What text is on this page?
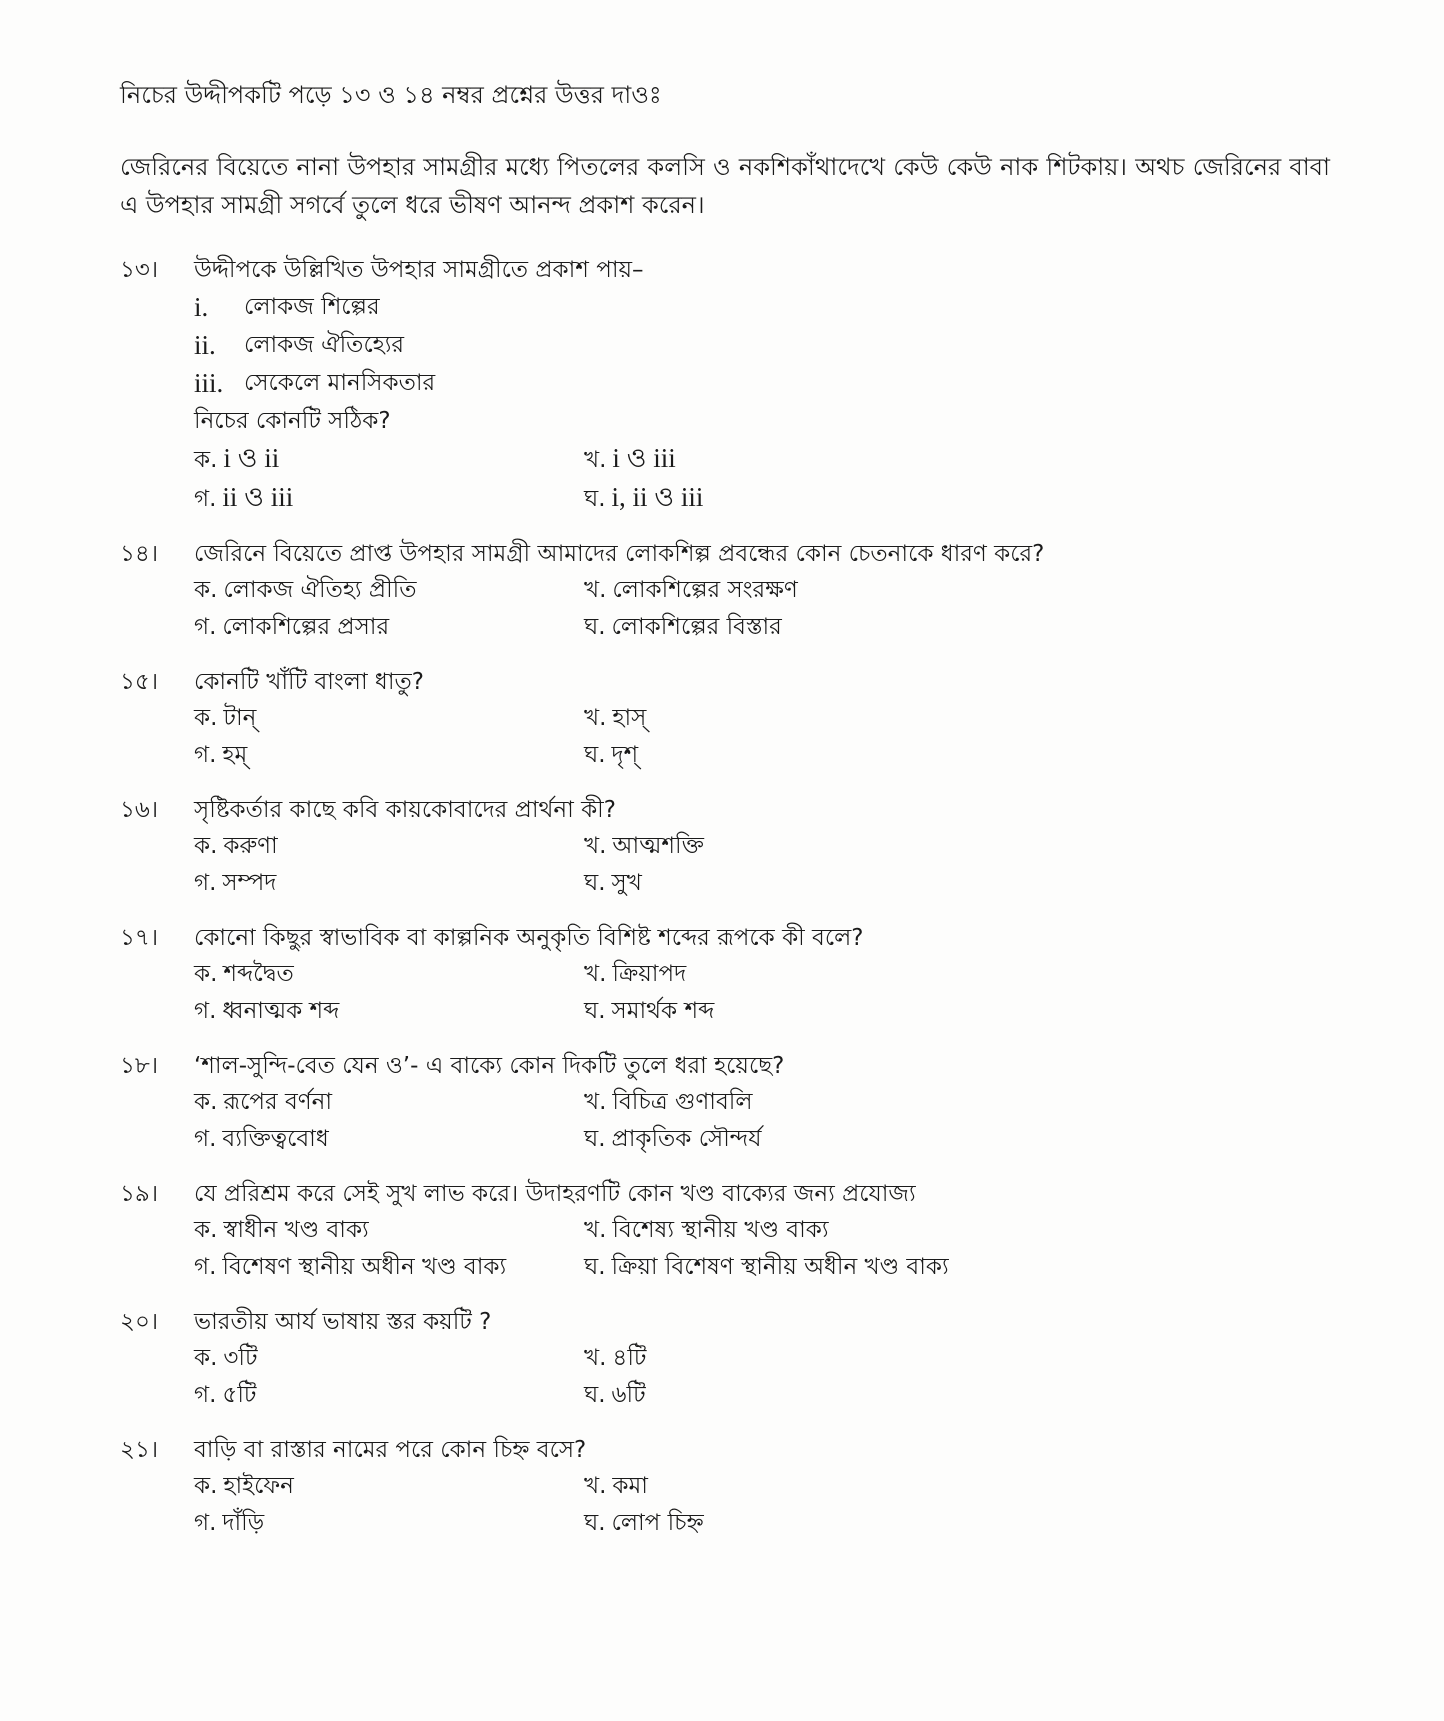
নিচের উদ্দীপকটি পড়ে ১৩ ও ১৪ নম্বর প্রশ্নের উত্তর দাওঃ
জেরিনের বিয়েতে নানা উপহার সামগ্রীর মধ্যে পিতলের কলসি ও নকশিকাঁথাদেখে কেউ কেউ নাক শিটকায়। অথচ জেরিনের বাবা এ উপহার সামগ্রী সগর্বে তুলে ধরে ভীষণ আনন্দ প্রকাশ করেন।
১৩।	উদ্দীপকে উল্লিখিত উপহার সামগ্রীতে প্রকাশ পায়–
i.	লোকজ শিল্পের
ii.	লোকজ ঐতিহ্যের
iii. সেকেলে মানসিকতার
নিচের কোনটি সঠিক?
ক. i ও ii	খ. i ও iii
গ. ii ও iii	ঘ. i, ii ও iii
১৪।	জেরিনে বিয়েতে প্রাপ্ত উপহার সামগ্রী আমাদের লোকশিল্প প্রবন্ধের কোন চেতনাকে ধারণ করে?
ক. লোকজ ঐতিহ্য প্রীতি	খ. লোকশিল্পের সংরক্ষণ
গ. লোকশিল্পের প্রসার	ঘ. লোকশিল্পের বিস্তার
১৫।	কোনটি খাঁটি বাংলা ধাতু?
ক. টান্	খ. হাস্
গ. হম্	ঘ. দৃশ্
১৬।	সৃষ্টিকর্তার কাছে কবি কায়কোবাদের প্রার্থনা কী?
ক. করুণা	খ. আত্মশক্তি
গ. সম্পদ	ঘ. সুখ
১৭।	কোনো কিছুর স্বাভাবিক বা কাল্পনিক অনুকৃতি বিশিষ্ট শব্দের রূপকে কী বলে?
ক. শব্দদ্বৈত	খ. ক্রিয়াপদ
গ. ধ্বনাত্মক শব্দ	ঘ. সমার্থক শব্দ
১৮।	‘শাল-সুন্দি-বেত যেন ও’- এ বাক্যে কোন দিকটি তুলে ধরা হয়েছে?
ক. রূপের বর্ণনা	খ. বিচিত্র গুণাবলি
গ. ব্যক্তিত্ববোধ	ঘ. প্রাকৃতিক সৌন্দর্য
১৯।	যে প্ররিশ্রম করে সেই সুখ লাভ করে। উদাহরণটি কোন খণ্ড বাক্যের জন্য প্রযোজ্য
ক. স্বাধীন খণ্ড বাক্য	খ. বিশেষ্য স্থানীয় খণ্ড বাক্য
গ. বিশেষণ স্থানীয় অধীন খণ্ড বাক্য	ঘ. ক্রিয়া বিশেষণ স্থানীয় অধীন খণ্ড বাক্য
২০।	ভারতীয় আর্য ভাষায় স্তর কয়টি ?
ক. ৩টি	খ. ৪টি
গ. ৫টি	ঘ. ৬টি
২১।	বাড়ি বা রাস্তার নামের পরে কোন চিহ্ন বসে?
ক. হাইফেন	খ. কমা
গ. দাঁড়ি	ঘ. লোপ চিহ্ন
